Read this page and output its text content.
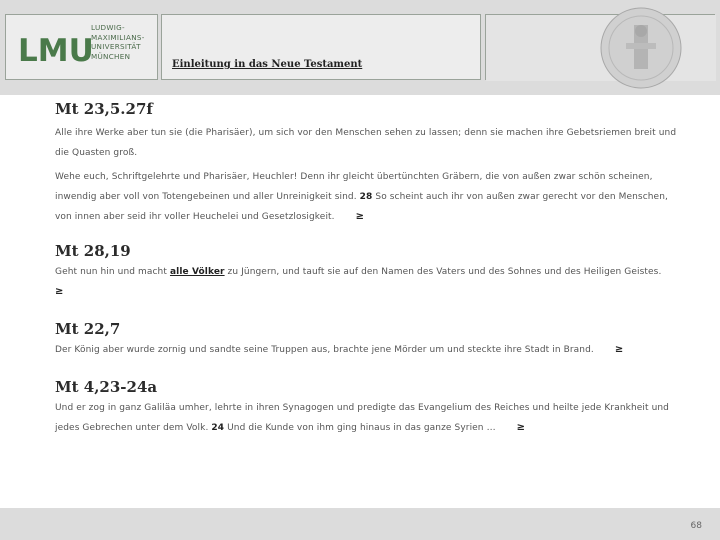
LMU
LUDWIG-
MAXIMILIANS-
UNIVERSITÄT
MÜNCHEN
Einleitung in das Neue Testament

Mt 23,5.27f

Alle ihre Werke aber tun sie (die Pharisäer), um sich vor den Menschen sehen zu lassen; denn sie machen ihre Gebetsriemen breit und die Quasten groß.

Wehe euch, Schriftgelehrte und Pharisäer, Heuchler! Denn ihr gleicht übertünchten Gräbern, die von außen zwar schön scheinen, inwendig aber voll von Totengebeinen und aller Unreinigkeit sind. 28 So scheint auch ihr von außen zwar gerecht vor den Menschen, von innen aber seid ihr voller Heuchelei und Gesetzlosigkeit. ≥

Mt 28,19

Geht nun hin und macht alle Völker zu Jüngern, und tauft sie auf den Namen des Vaters und des Sohnes und des Heiligen Geistes.

≥

Mt 22,7

Der König aber wurde zornig und sandte seine Truppen aus, brachte jene Mörder um und steckte ihre Stadt in Brand. ≥

Mt 4,23-24a

Und er zog in ganz Galiläa umher, lehrte in ihren Synagogen und predigte das Evangelium des Reiches und heilte jede Krankheit und jedes Gebrechen unter dem Volk. 24 Und die Kunde von ihm ging hinaus in das ganze Syrien … ≥

68
